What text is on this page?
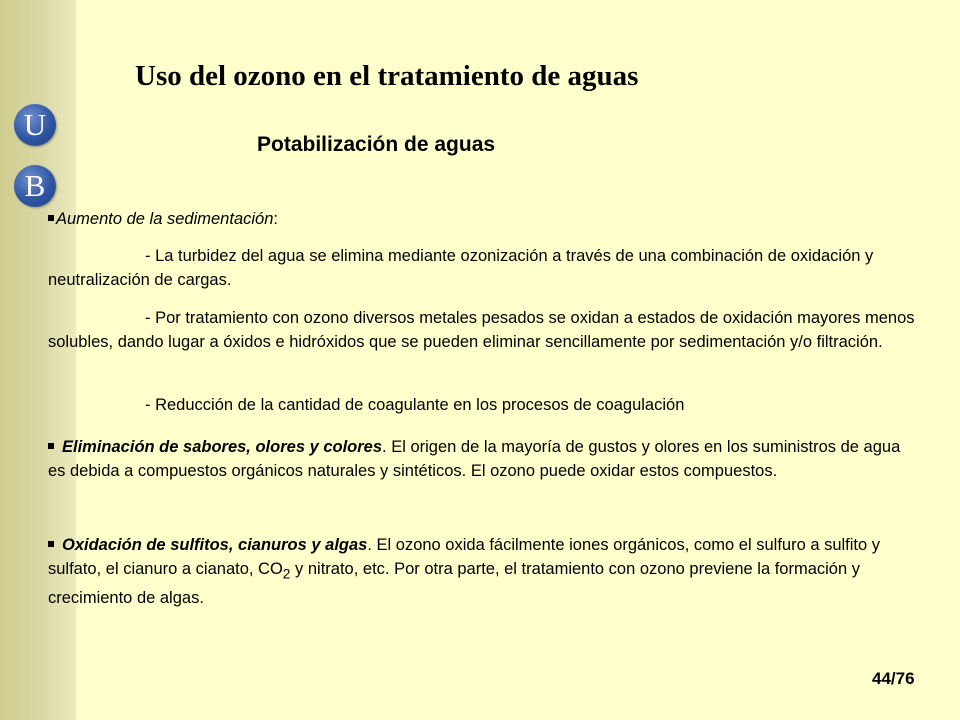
U
B
Uso del ozono en el tratamiento de aguas
Potabilización de aguas

Aumento de la sedimentación:

- La turbidez del agua se elimina mediante ozonización a través de una combinación de oxidación y neutralización de cargas.

- Por tratamiento con ozono diversos metales pesados se oxidan a estados de oxidación mayores menos solubles, dando lugar a óxidos e hidróxidos que se pueden eliminar sencillamente por sedimentación y/o filtración.

- Reducción de la cantidad de coagulante en los procesos de coagulación

Eliminación de sabores, olores y colores. El origen de la mayoría de gustos y olores en los suministros de agua es debida a compuestos orgánicos naturales y sintéticos. El ozono puede oxidar estos compuestos.

Oxidación de sulfitos, cianuros y algas. El ozono oxida fácilmente iones orgánicos, como el sulfuro a sulfito y sulfato, el cianuro a cianato, $CO_2$ y nitrato, etc. Por otra parte, el tratamiento con ozono previene la formación y crecimiento de algas.

44/76
